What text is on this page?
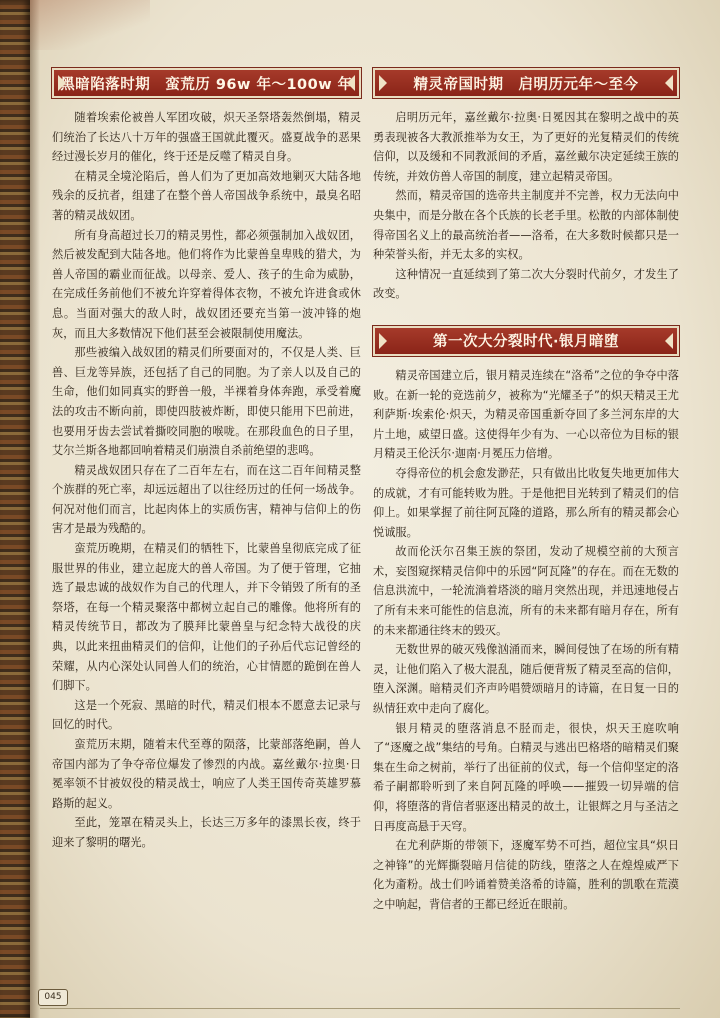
黑暗陷落时期　蛮荒历 96w 年～100w 年

随着埃索伦被兽人军团攻破，炽天圣祭塔轰然倒塌，精灵们统治了长达八十万年的强盛王国就此覆灭。盛夏战争的恶果经过漫长岁月的催化，终于还是反噬了精灵自身。

在精灵全境沦陷后，兽人们为了更加高效地剿灭大陆各地残余的反抗者，组建了在整个兽人帝国战争系统中，最臭名昭著的精灵战奴团。

所有身高超过长刀的精灵男性，都必须强制加入战奴团，然后被发配到大陆各地。他们将作为比蒙兽皇卑贱的猎犬，为兽人帝国的霸业而征战。以母亲、爱人、孩子的生命为威胁，在完成任务前他们不被允许穿着得体衣物，不被允许进食或休息。当面对强大的敌人时，战奴团还要充当第一波冲锋的炮灰，而且大多数情况下他们甚至会被限制使用魔法。

那些被编入战奴团的精灵们所要面对的，不仅是人类、巨兽、巨龙等异族，还包括了自己的同胞。为了亲人以及自己的生命，他们如同真实的野兽一般，半裸着身体奔跑，承受着魔法的攻击不断向前，即使四肢被炸断，即使只能用下巴前进，也要用牙齿去尝试着撕咬同胞的喉咙。在那段血色的日子里，艾尔兰斯各地都回响着精灵们崩溃自杀前绝望的悲鸣。

精灵战奴团只存在了二百年左右，而在这二百年间精灵整个族群的死亡率，却远远超出了以往经历过的任何一场战争。何况对他们而言，比起肉体上的实质伤害，精神与信仰上的伤害才是最为残酷的。

蛮荒历晚期，在精灵们的牺牲下，比蒙兽皇彻底完成了征服世界的伟业，建立起庞大的兽人帝国。为了便于管理，它抽选了最忠诚的战奴作为自己的代理人，并下令销毁了所有的圣祭塔，在每一个精灵聚落中都树立起自己的雕像。他将所有的精灵传统节日，都改为了膜拜比蒙兽皇与纪念特大战役的庆典，以此来扭曲精灵们的信仰，让他们的子孙后代忘记曾经的荣耀，从内心深处认同兽人们的统治，心甘情愿的跪倒在兽人们脚下。

这是一个死寂、黑暗的时代，精灵们根本不愿意去记录与回忆的时代。

蛮荒历末期，随着末代至尊的陨落，比蒙部落绝嗣，兽人帝国内部为了争夺帝位爆发了惨烈的内战。嘉丝戴尔·拉奥·日冕率领不甘被奴役的精灵战士，响应了人类王国传奇英雄罗慕路斯的起义。

至此，笼罩在精灵头上，长达三万多年的漆黑长夜，终于迎来了黎明的曙光。

精灵帝国时期　启明历元年～至今

启明历元年，嘉丝戴尔·拉奥·日冕因其在黎明之战中的英勇表现被各大教派推举为女王，为了更好的光复精灵们的传统信仰，以及缓和不同教派间的矛盾，嘉丝戴尔决定延续王族的传统，并效仿兽人帝国的制度，建立起精灵帝国。

然而，精灵帝国的选帝共主制度并不完善，权力无法向中央集中，而是分散在各个氏族的长老手里。松散的内部体制使得帝国名义上的最高统治者——洛希，在大多数时候都只是一种荣誉头衔，并无太多的实权。

这种情况一直延续到了第二次大分裂时代前夕，才发生了改变。

第一次大分裂时代·银月暗堕

精灵帝国建立后，银月精灵连续在“洛希”之位的争夺中落败。在新一轮的竞选前夕，被称为“光耀圣子”的炽天精灵王尤利萨斯·埃索伦·炽天，为精灵帝国重新夺回了多兰河东岸的大片土地，威望日盛。这使得年少有为、一心以帝位为目标的银月精灵王伦沃尔·迦南·月冕压力倍增。

夺得帝位的机会愈发渺茫，只有做出比收复失地更加伟大的成就，才有可能转败为胜。于是他把目光转到了精灵们的信仰上。如果掌握了前往阿瓦隆的道路，那么所有的精灵都会心悦诚服。

故而伦沃尔召集王族的祭团，发动了规模空前的大预言术，妄图窥探精灵信仰中的乐园“阿瓦隆”的存在。而在无数的信息洪流中，一轮流淌着塔淡的暗月突然出现，并迅速地侵占了所有未来可能性的信息流，所有的未来都有暗月存在，所有的未来都通往终末的毁灭。

无数世界的破灭残像汹涌而来，瞬间侵蚀了在场的所有精灵，让他们陷入了极大混乱，随后便背叛了精灵至高的信仰，堕入深渊。暗精灵们齐声吟唱赞颂暗月的诗篇，在日复一日的纵情狂欢中走向了腐化。

银月精灵的堕落消息不胫而走，很快，炽天王庭吹响了“逐魔之战”集结的号角。白精灵与逃出巴格塔的暗精灵们聚集在生命之树前，举行了出征前的仪式，每一个信仰坚定的洛希子嗣都聆听到了来自阿瓦隆的呼唤——摧毁一切异端的信仰，将堕落的背信者驱逐出精灵的故土，让银辉之月与圣洁之日再度高悬于天穹。

在尤利萨斯的带领下，逐魔军势不可挡，超位宝具“炽日之神锋”的光辉撕裂暗月信徒的防线，堕落之人在煌煌威严下化为齑粉。战士们吟诵着赞美洛希的诗篇，胜利的凯歌在荒漠之中响起，背信者的王都已经近在眼前。

045
